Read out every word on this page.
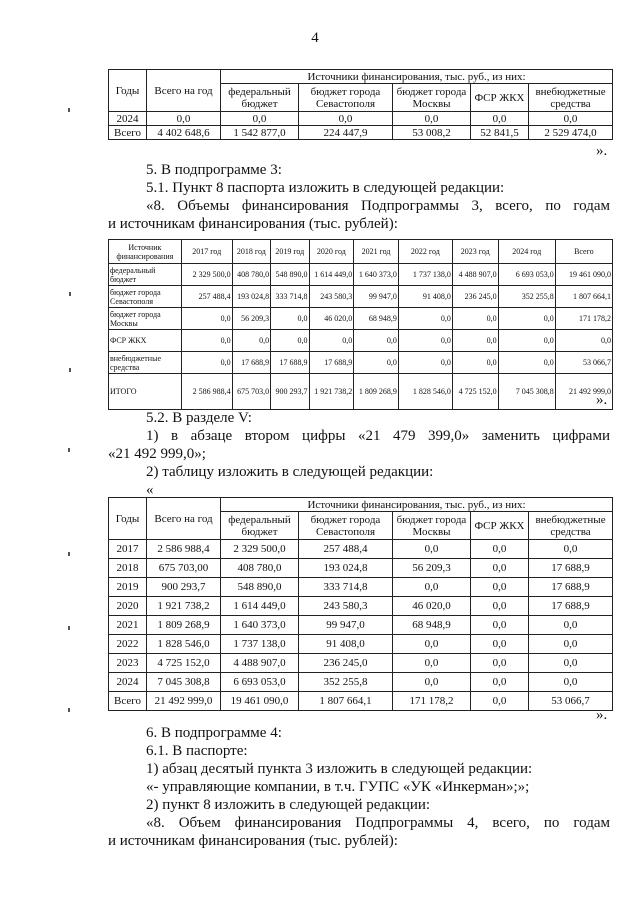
4
Годы	Всего на год	Источники финансирования, тыс. руб., из них:				
		федеральный бюджет	бюджет города Севастополя	бюджет города Москвы	ФСР ЖКХ	внебюджетные средства
2024	0,0	0,0	0,0	0,0	0,0	0,0
Всего	4 402 648,6	1 542 877,0	224 447,9	53 008,2	52 841,5	2 529 474,0
».
5. В подпрограмме 3:
5.1. Пункт 8 паспорта изложить в следующей редакции:
«8. Объемы финансирования Подпрограммы 3, всего, по годам
и источникам финансирования (тыс. рублей):
Источник финансирования	2017 год	2018 год	2019 год	2020 год	2021 год	2022 год	2023 год	2024 год	Всего
федеральный бюджет	2 329 500,0	408 780,0	548 890,0	1 614 449,0	1 640 373,0	1 737 138,0	4 488 907,0	6 693 053,0	19 461 090,0
бюджет города Севастополя	257 488,4	193 024,8	333 714,8	243 580,3	99 947,0	91 408,0	236 245,0	352 255,8	1 807 664,1
бюджет города Москвы	0,0	56 209,3	0,0	46 020,0	68 948,9	0,0	0,0	0,0	171 178,2
ФСР ЖКХ	0,0	0,0	0,0	0,0	0,0	0,0	0,0	0,0	0,0
внебюджетные средства	0,0	17 688,9	17 688,9	17 688,9	0,0	0,0	0,0	0,0	53 066,7
ИТОГО	2 586 988,4	675 703,0	900 293,7	1 921 738,2	1 809 268,9	1 828 546,0	4 725 152,0	7 045 308,8	21 492 999,0
».
5.2. В разделе V:
1) в абзаце втором цифры «21 479 399,0» заменить цифрами
«21 492 999,0»;
2) таблицу изложить в следующей редакции:
«
Годы	Всего на год	Источники финансирования, тыс. руб., из них:				
		федеральный бюджет	бюджет города Севастополя	бюджет города Москвы	ФСР ЖКХ	внебюджетные средства
2017	2 586 988,4	2 329 500,0	257 488,4	0,0	0,0	0,0
2018	675 703,00	408 780,0	193 024,8	56 209,3	0,0	17 688,9
2019	900 293,7	548 890,0	333 714,8	0,0	0,0	17 688,9
2020	1 921 738,2	1 614 449,0	243 580,3	46 020,0	0,0	17 688,9
2021	1 809 268,9	1 640 373,0	99 947,0	68 948,9	0,0	0,0
2022	1 828 546,0	1 737 138,0	91 408,0	0,0	0,0	0,0
2023	4 725 152,0	4 488 907,0	236 245,0	0,0	0,0	0,0
2024	7 045 308,8	6 693 053,0	352 255,8	0,0	0,0	0,0
Всего	21 492 999,0	19 461 090,0	1 807 664,1	171 178,2	0,0	53 066,7
».
6. В подпрограмме 4:
6.1. В паспорте:
1) абзац десятый пункта 3 изложить в следующей редакции:
«- управляющие компании, в т.ч. ГУПС «УК «Инкерман»;»;
2) пункт 8 изложить в следующей редакции:
«8. Объем финансирования Подпрограммы 4, всего, по годам
и источникам финансирования (тыс. рублей):
